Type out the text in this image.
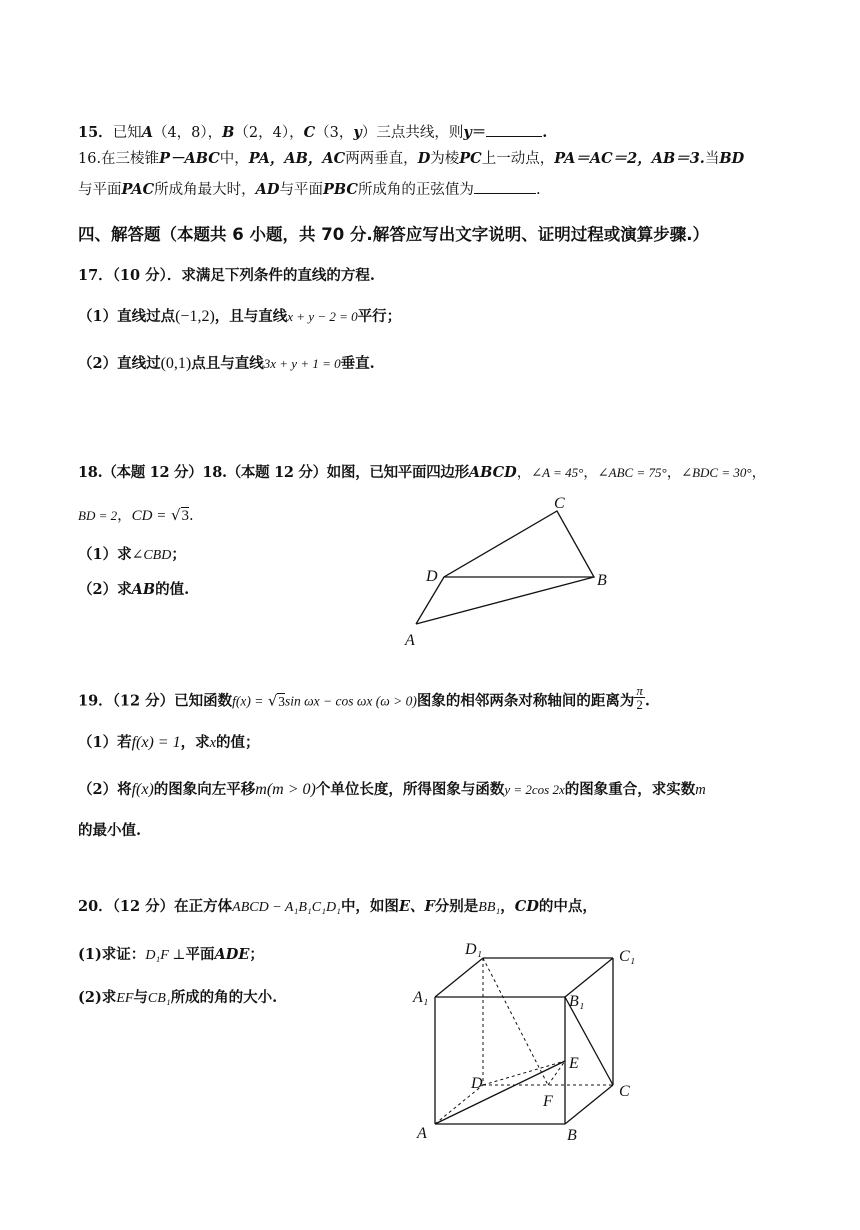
15．已知A（4，8），B（2，4），C（3，y）三点共线，则y＝	.
16.在三棱锥P－ABC中，PA，AB，AC两两垂直，D为棱PC上一动点，PA＝AC＝2，AB＝3.当BD
与平面PAC所成角最大时，AD与平面PBC所成角的正弦值为	.
四、解答题（本题共 6 小题，共 70 分.解答应写出文字说明、证明过程或演算步骤.）
17．（10 分）．求满足下列条件的直线的方程.
（1）直线过点(−1,2)，且与直线x + y − 2 = 0平行；
（2）直线过(0,1)点且与直线3x + y + 1 = 0垂直.
18.（本题 12 分）18.（本题 12 分）如图，已知平面四边形ABCD，∠A = 45°，∠ABC = 75°，∠BDC = 30°，
BD = 2，CD = √3.
（1）求∠CBD；
（2）求AB的值.
C
D	B
A
19．（12 分）已知函数f(x) = √3sin ωx − cos ωx (ω > 0)图象的相邻两条对称轴间的距离为 $\frac{\pi}{2}$ .
（1）若f(x) = 1，求x的值；
（2）将f(x)的图象向左平移m(m > 0)个单位长度，所得图象与函数y = 2cos 2x的图象重合，求实数m
的最小值.
20．（12 分）在正方体ABCD − A₁B₁C₁D₁中，如图E、F分别是BB₁，CD的中点，
(1)求证：D₁F ⊥平面ADE；
(2)求EF与CB₁所成的角的大小.
D₁	C₁
A₁	B₁
E
D	C
F
A	B
